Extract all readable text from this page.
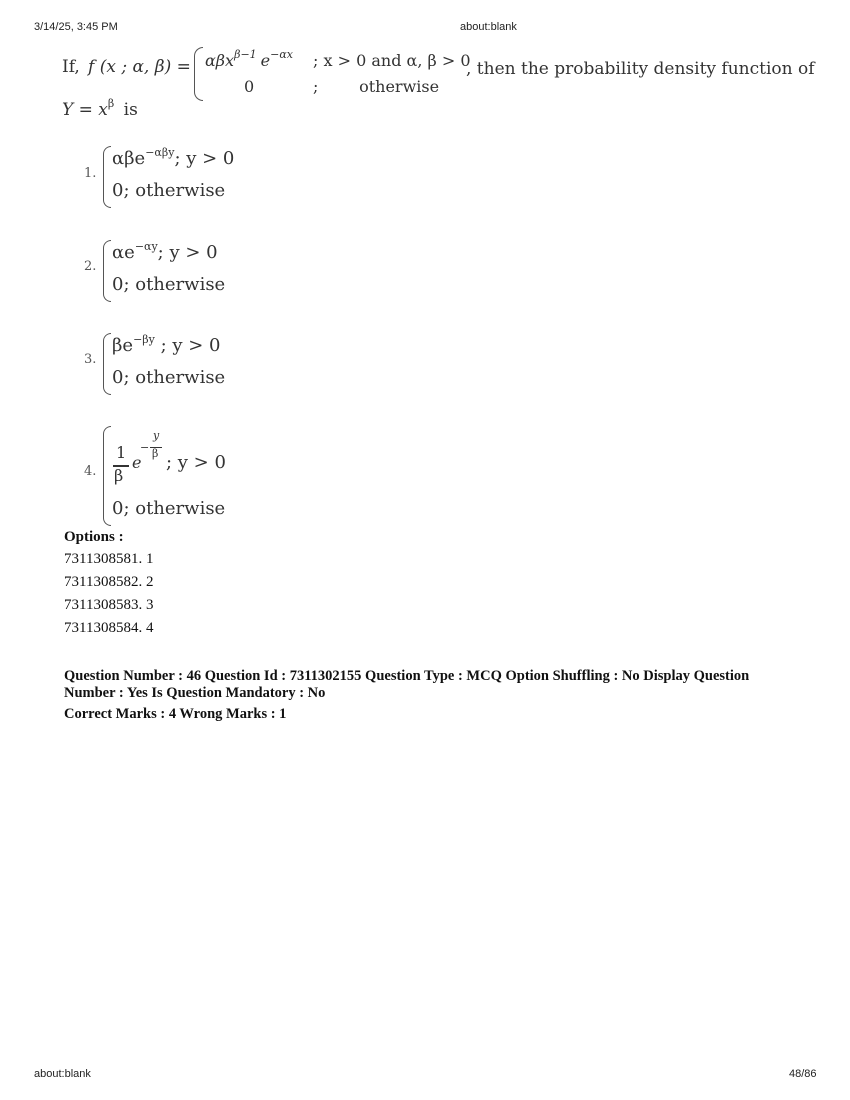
3/14/25, 3:45 PM	about:blank
If, f (x ; α, β) = αβx$^{\beta-1}$ $e^{-\alpha x}$ ; x > 0 and α, β > 0
0	;        otherwise
, then the probability density function of
$Y = x^\beta$ is
1.
αβe$^{-\alpha\beta y}$; y > 0
0; otherwise
2.
$\alpha e^{-\alpha y}$; y > 0
0; otherwise
3.
$\beta e^{-\beta y}$ ; y > 0
0; otherwise
4.
1
β
e
−
y
β ; y > 0
0; otherwise
Options :
7311308581. 1
7311308582. 2
7311308583. 3
7311308584. 4
Question Number : 46 Question Id : 7311302155 Question Type : MCQ Option Shuffling : No Display Question
Number : Yes Is Question Mandatory : No
Correct Marks : 4 Wrong Marks : 1
about:blank	48/86
